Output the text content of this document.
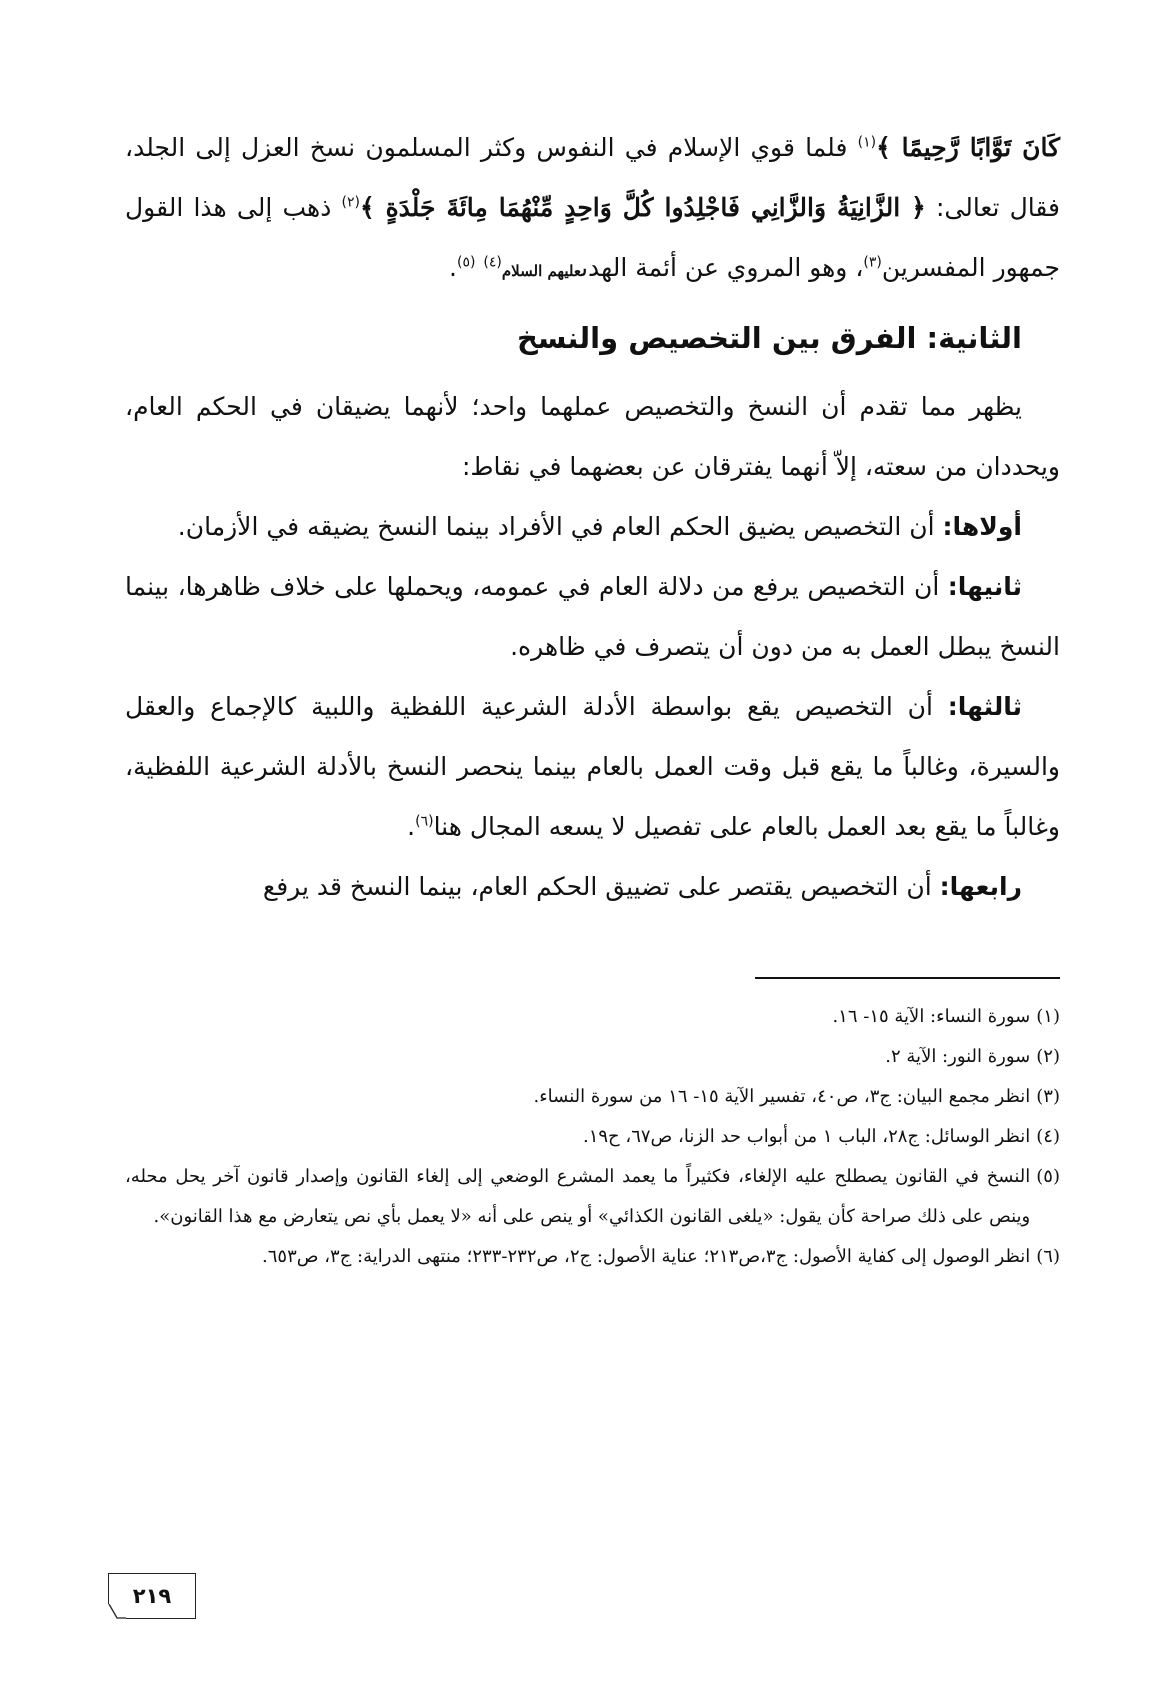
كَانَ تَوَّابًا رَّحِيمًا ﴾$^{(١)}$ فلما قوي الإسلام في النفوس وكثر المسلمون نسخ العزل إلى الجلد، فقال تعالى: ﴿ الزَّانِيَةُ وَالزَّانِي فَاجْلِدُوا كُلَّ وَاحِدٍ مِّنْهُمَا مِائَةَ جَلْدَةٍ ﴾$^{(٢)}$ ذهب إلى هذا القول جمهور المفسرين$^{(٣)}$، وهو المروي عن أئمة الهدىعليهم السلام$^{(٤)}$ $^{(٥)}$.

الثانية: الفرق بين التخصيص والنسخ

يظهر مما تقدم أن النسخ والتخصيص عملهما واحد؛ لأنهما يضيقان في الحكم العام، ويحددان من سعته، إلاّ أنهما يفترقان عن بعضهما في نقاط:

أولاها: أن التخصيص يضيق الحكم العام في الأفراد بينما النسخ يضيقه في الأزمان.

ثانيها: أن التخصيص يرفع من دلالة العام في عمومه، ويحملها على خلاف ظاهرها، بينما النسخ يبطل العمل به من دون أن يتصرف في ظاهره.

ثالثها: أن التخصيص يقع بواسطة الأدلة الشرعية اللفظية واللبية كالإجماع والعقل والسيرة، وغالباً ما يقع قبل وقت العمل بالعام بينما ينحصر النسخ بالأدلة الشرعية اللفظية، وغالباً ما يقع بعد العمل بالعام على تفصيل لا يسعه المجال هنا$^{(٦)}$.

رابعها: أن التخصيص يقتصر على تضييق الحكم العام، بينما النسخ قد يرفع

(١)
سورة النساء: الآية ١٥- ١٦.
(٢)
سورة النور: الآية ٢.
(٣)
انظر مجمع البيان: ج٣، ص٤٠، تفسير الآية ١٥- ١٦ من سورة النساء.
(٤)
انظر الوسائل: ج٢٨، الباب ١ من أبواب حد الزنا، ص٦٧، ح١٩.
(٥)
النسخ في القانون يصطلح عليه الإلغاء، فكثيراً ما يعمد المشرع الوضعي إلى إلغاء القانون وإصدار قانون آخر يحل محله، وينص على ذلك صراحة كأن يقول: «يلغى القانون الكذائي» أو ينص على أنه «لا يعمل بأي نص يتعارض مع هذا القانون».
(٦)
انظر الوصول إلى كفاية الأصول: ج٣،ص٢١٣؛ عناية الأصول: ج٢، ص٢٣٢-٢٣٣؛ منتهى الدراية: ج٣، ص٦٥٣.
٢١٩
